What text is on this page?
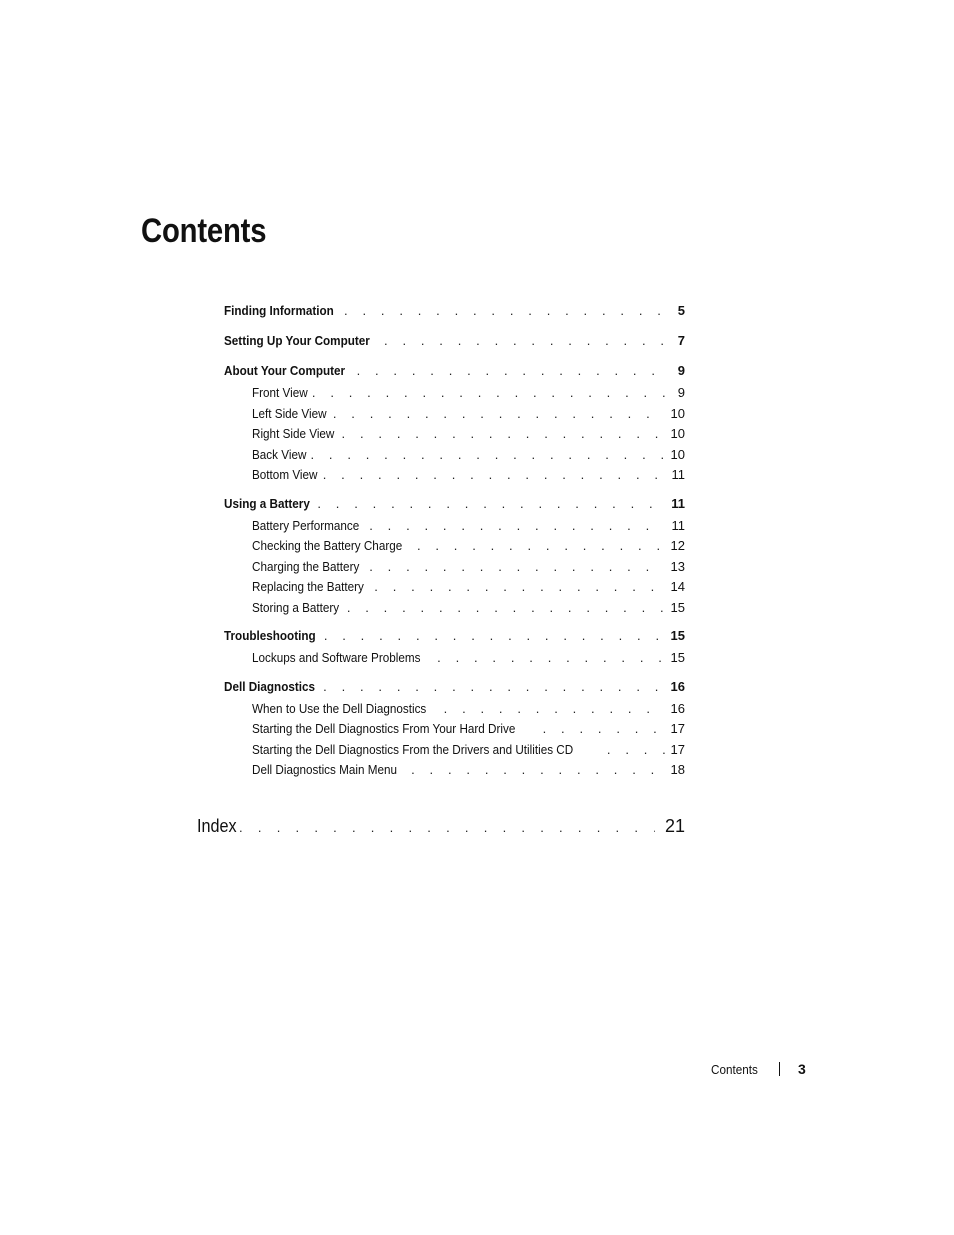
Contents
Finding Information . . .	5
Setting Up Your Computer . . .	7
About Your Computer . . .	9
Front View . . .	9
Left Side View . . .	10
Right Side View . . .	10
Back View . . .	10
Bottom View . . .	11
Using a Battery . . .	11
Battery Performance . . .	11
Checking the Battery Charge . . .	12
Charging the Battery . . .	13
Replacing the Battery . . .	14
Storing a Battery . . .	15
Troubleshooting . . .	15
Lockups and Software Problems . . .	15
Dell Diagnostics . . .	16
When to Use the Dell Diagnostics . . .	16
Starting the Dell Diagnostics From Your Hard Drive . . .	17
Starting the Dell Diagnostics From the Drivers and Utilities CD . . .	17
Dell Diagnostics Main Menu . . .	18
Index . . .	21
Contents	3
